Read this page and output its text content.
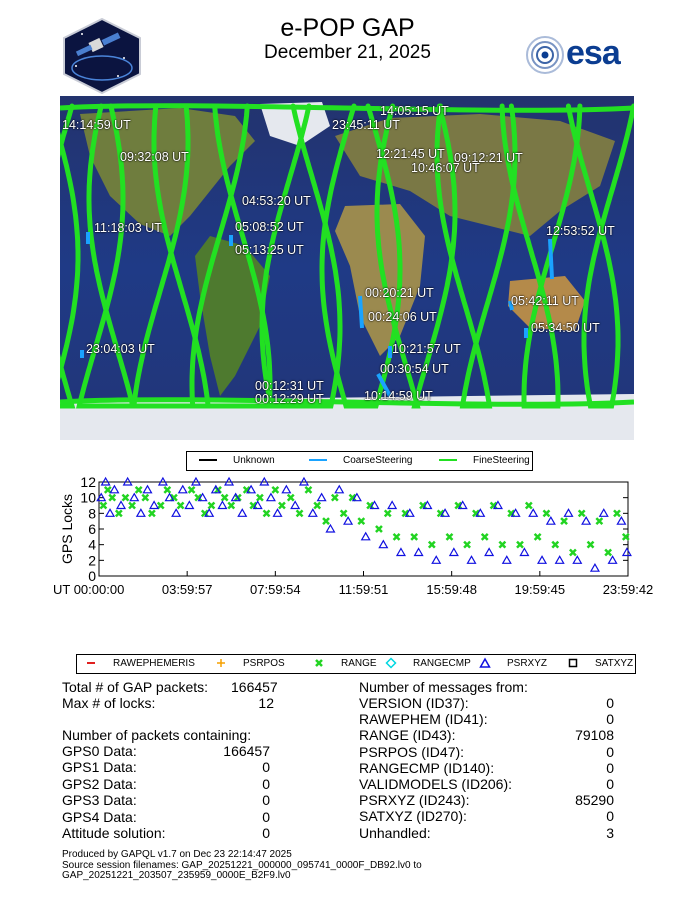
e-POP GAP
December 21, 2025	esa
14:14:59 UT
14:05:15 UT
23:45:11 UT
09:32:08 UT	12:21:45 UT 09:12:21 UT
10:46:07 UT
04:53:20 UT
11:18:03 UT	05:08:52 UT	12:53:52 UT
05:13:25 UT
00:20:21 UT
05:42:11 UT
00:24:06 UT
05:34:50 UT
23:04:03 UT	10:21:57 UT
00:30:54 UT
00:12:31 UT
00:12:29 UT	10:14:59 UT
Unknown	CoarseSteering	FineSteering
0
2
4
6
8
10
12
GPS Locks
UT 00:00:00	03:59:57	07:59:54	11:59:51	15:59:48	19:59:45	23:59:42
RAWEPHEMERIS	PSRPOS	RANGE	RANGECMP	PSRXYZ	SATXYZ
Total # of GAP packets: 166457
Max # of locks:	12
Number of packets containing:
GPS0 Data:	166457
GPS1 Data:	0
GPS2 Data:	0
GPS3 Data:	0
GPS4 Data:	0
Attitude solution:	0
Number of messages from:
VERSION (ID37):	0
RAWEPHEM (ID41):	0
RANGE (ID43):	79108
PSRPOS (ID47):	0
RANGECMP (ID140):	0
VALIDMODELS (ID206):	0
PSRXYZ (ID243):	85290
SATXYZ (ID270):	0
Unhandled:	3
Produced by GAPQL v1.7 on Dec 23 22:14:47 2025
Source session filenames: GAP_20251221_000000_095741_0000F_DB92.lv0 to
GAP_20251221_203507_235959_0000E_B2F9.lv0
